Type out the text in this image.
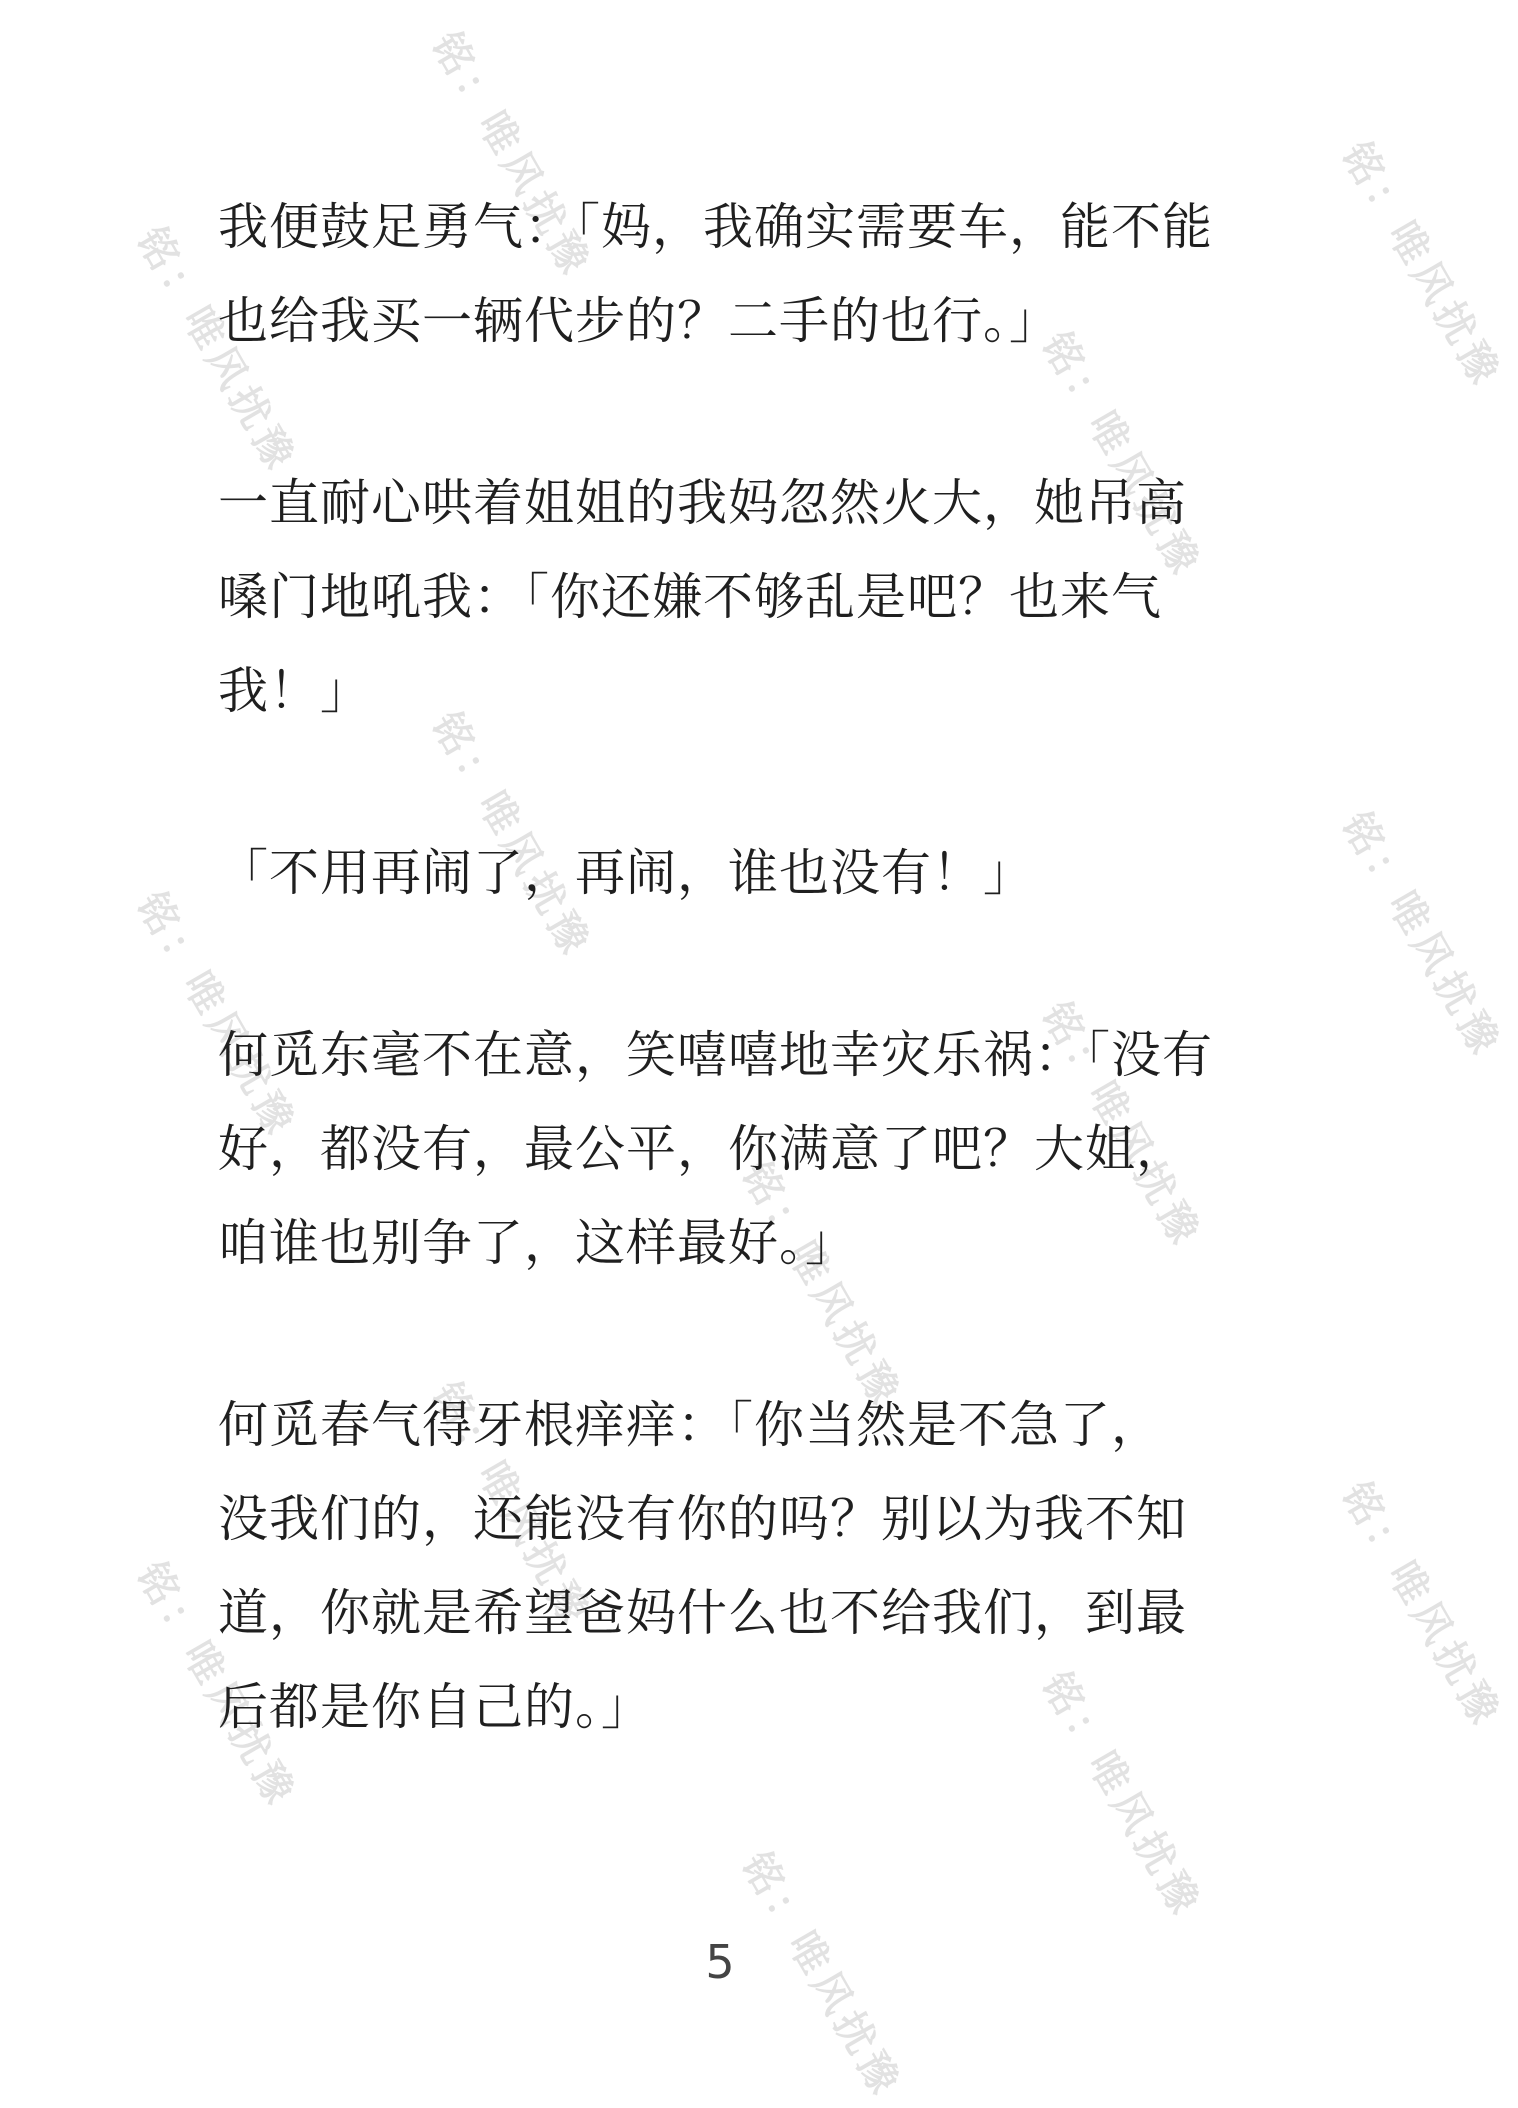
铭：唯风扰豫	铭：唯风扰豫
铭：唯风扰豫	铭：唯风扰豫
铭：唯风扰豫	铭：唯风扰豫
铭：唯风扰豫	铭：唯风扰豫
铭：唯风扰豫
铭：唯风扰豫	铭：唯风扰豫
铭：唯风扰豫	铭：唯风扰豫
铭：唯风扰豫

我便鼓足勇气：「妈，我确实需要车，能不能
也给我买一辆代步的？二手的也行。」

一直耐心哄着姐姐的我妈忽然火大，她吊高
嗓门地吼我：「你还嫌不够乱是吧？也来气
我！」

「不用再闹了，再闹，谁也没有！」

何觅东毫不在意，笑嘻嘻地幸灾乐祸：「没有
好，都没有，最公平，你满意了吧？大姐，
咱谁也别争了，这样最好。」

何觅春气得牙根痒痒：「你当然是不急了，
没我们的，还能没有你的吗？别以为我不知
道，你就是希望爸妈什么也不给我们，到最
后都是你自己的。」

5
